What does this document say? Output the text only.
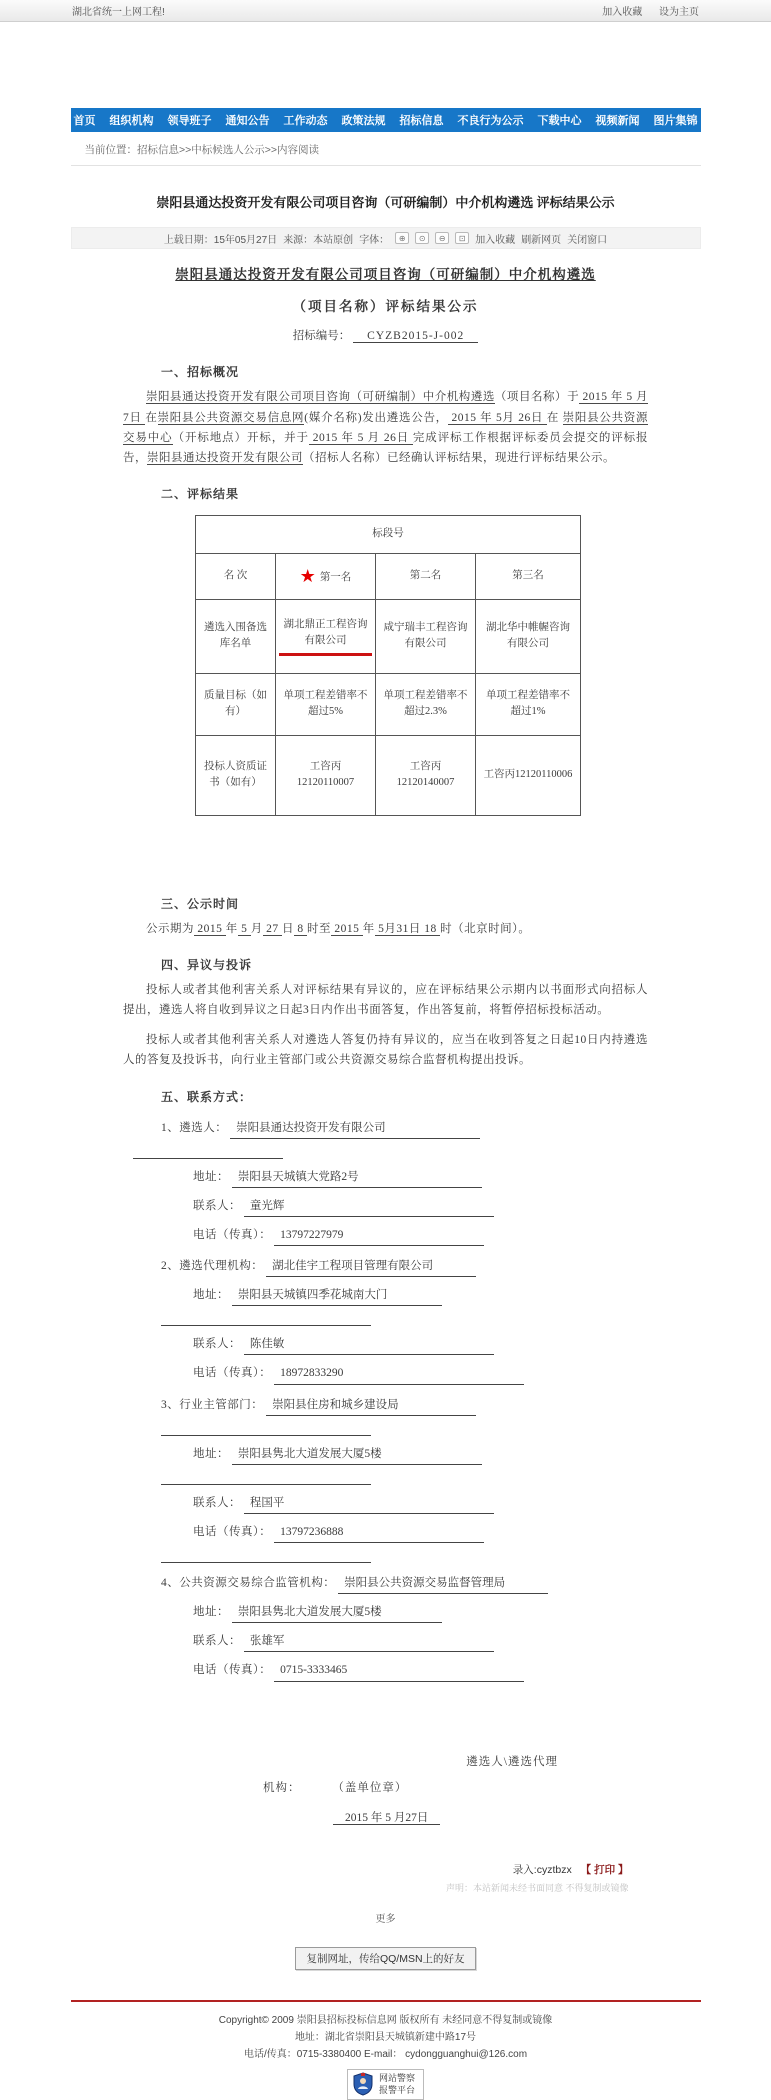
湖北省统一上网工程!	加入收藏 设为主页
首页 组织机构 领导班子 通知公告 工作动态 政策法规 招标信息 不良行为公示 下载中心 视频新闻 图片集锦
当前位置：招标信息>>中标候选人公示>>内容阅读
崇阳县通达投资开发有限公司项目咨询（可研编制）中介机构遴选 评标结果公示
上载日期：15年05月27日 来源：本站原创 字体：	⊕	⊙	⊖	⊡ 加入收藏 刷新网页 关闭窗口
崇阳县通达投资开发有限公司项目咨询（可研编制）中介机构遴选
（项目名称）评标结果公示
招标编号： CYZB2015-J-002
一、招标概况
崇阳县通达投资开发有限公司项目咨询（可研编制）中介机构遴选（项目名称）于 2015 年 5 月7日 在崇阳县公共资源交易信息网(媒介名称)发出遴选公告， 2015 年 5月 26日 在 崇阳县公共资源交易中心（开标地点）开标，并于 2015 年 5 月 26日 完成评标工作根据评标委员会提交的评标报告，崇阳县通达投资开发有限公司（招标人名称）已经确认评标结果，现进行评标结果公示。
二、评标结果
标段号			
名 次	★ 第一名	第二名	第三名
遴选入围备选库名单	湖北鼎正工程咨询有限公司	咸宁瑞丰工程咨询有限公司	湖北华中帷幄咨询有限公司
质量目标（如有）	单项工程差错率不超过5%	单项工程差错率不超过2.3%	单项工程差错率不超过1%
投标人资质证书（如有）	工咨丙12120110007	工咨丙12120140007	工咨丙12120110006
三、公示时间
公示期为 2015 年 5 月 27 日 8 时至 2015 年 5月31日 18 时（北京时间）。
四、异议与投诉
投标人或者其他利害关系人对评标结果有异议的，应在评标结果公示期内以书面形式向招标人提出，遴选人将自收到异议之日起3日内作出书面答复，作出答复前，将暂停招标投标活动。
投标人或者其他利害关系人对遴选人答复仍持有异议的，应当在收到答复之日起10日内持遴选人的答复及投诉书，向行业主管部门或公共资源交易综合监督机构提出投诉。
五、联系方式：
1、遴选人： 崇阳县通达投资开发有限公司
地址： 崇阳县天城镇大党路2号
联系人： 童光辉
电话（传真）： 13797227979
2、遴选代理机构： 湖北佳宇工程项目管理有限公司
地址： 崇阳县天城镇四季花城南大门
联系人： 陈佳敏
电话（传真）： 18972833290
3、行业主管部门： 崇阳县住房和城乡建设局
地址： 崇阳县隽北大道发展大厦5楼
联系人： 程国平
电话（传真）： 13797236888
4、公共资源交易综合监管机构： 崇阳县公共资源交易监督管理局
地址： 崇阳县隽北大道发展大厦5楼
联系人： 张雄军
电话（传真）： 0715-3333465
遴选人\遴选代理
机构：	（盖单位章）
2015 年 5 月27日
录入:cyztbzx 【 打印 】
声明：本站新闻未经书面同意 不得复制或镜像
更多
复制网址，传给QQ/MSN上的好友
Copyright© 2009 崇阳县招标投标信息网 版权所有 未经同意不得复制或镜像
地址：湖北省崇阳县天城镇新建中路17号
电话/传真：0715-3380400 E-mail： cydongguanghui@126.com
网站警察
报警平台
